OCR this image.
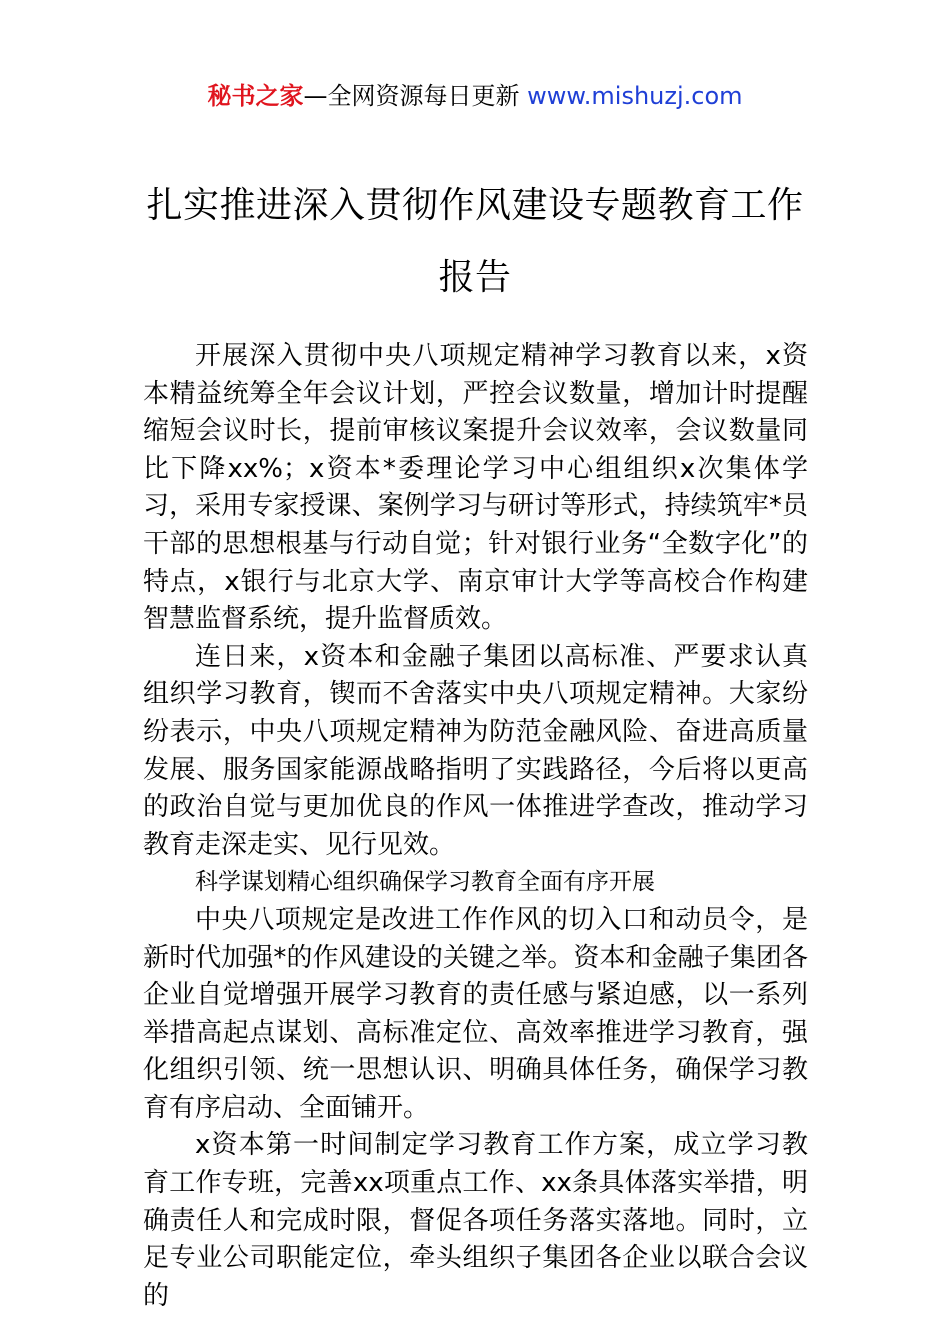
秘书之家—全网资源每日更新 www.mishuzj.com
扎实推进深入贯彻作风建设专题教育工作
报告

开展深入贯彻中央八项规定精神学习教育以来，x资本精益统筹全年会议计划，严控会议数量，增加计时提醒缩短会议时长，提前审核议案提升会议效率，会议数量同比下降xx%；x资本*委理论学习中心组组织x次集体学习，采用专家授课、案例学习与研讨等形式，持续筑牢*员干部的思想根基与行动自觉；针对银行业务“全数字化”的特点，x银行与北京大学、南京审计大学等高校合作构建智慧监督系统，提升监督质效。

连日来，x资本和金融子集团以高标准、严要求认真组织学习教育，锲而不舍落实中央八项规定精神。大家纷纷表示，中央八项规定精神为防范金融风险、奋进高质量发展、服务国家能源战略指明了实践路径，今后将以更高的政治自觉与更加优良的作风一体推进学查改，推动学习教育走深走实、见行见效。

科学谋划精心组织确保学习教育全面有序开展

中央八项规定是改进工作作风的切入口和动员令，是新时代加强*的作风建设的关键之举。资本和金融子集团各企业自觉增强开展学习教育的责任感与紧迫感，以一系列举措高起点谋划、高标准定位、高效率推进学习教育，强化组织引领、统一思想认识、明确具体任务，确保学习教育有序启动、全面铺开。

x资本第一时间制定学习教育工作方案，成立学习教育工作专班，完善xx项重点工作、xx条具体落实举措，明确责任人和完成时限，督促各项任务落实落地。同时，立足专业公司职能定位，牵头组织子集团各企业以联合会议的
